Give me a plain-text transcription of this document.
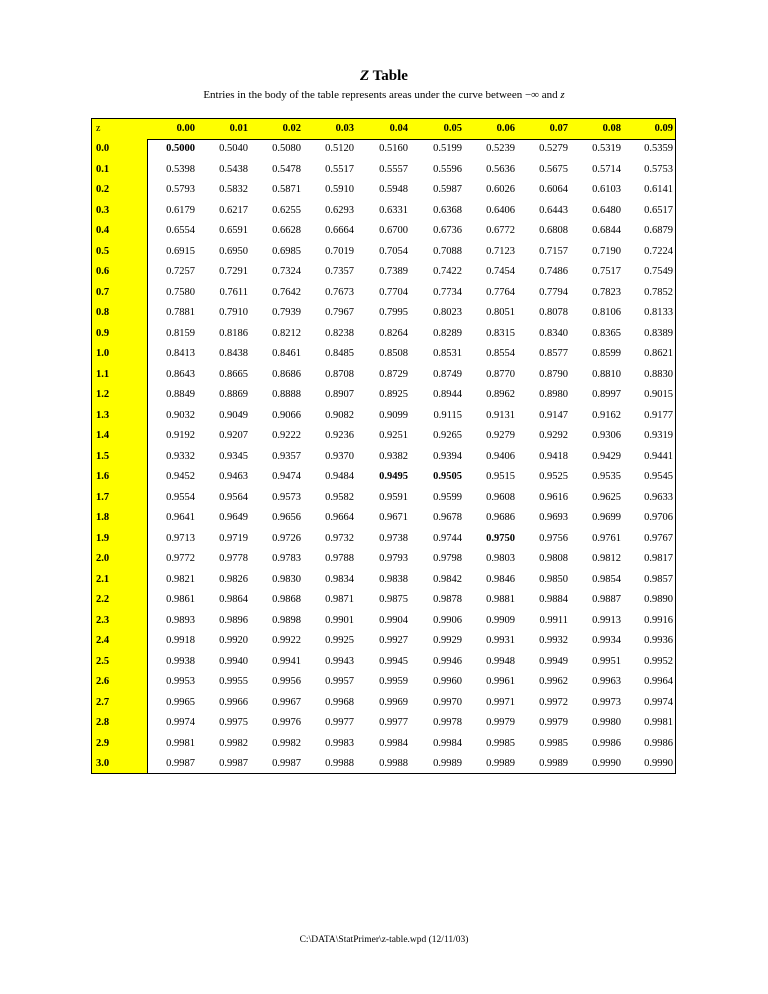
Z Table
Entries in the body of the table represents areas under the curve between −∞ and z
z	0.00	0.01	0.02	0.03	0.04	0.05	0.06	0.07	0.08	0.09
0.0	0.5000	0.5040	0.5080	0.5120	0.5160	0.5199	0.5239	0.5279	0.5319	0.5359
0.1	0.5398	0.5438	0.5478	0.5517	0.5557	0.5596	0.5636	0.5675	0.5714	0.5753
0.2	0.5793	0.5832	0.5871	0.5910	0.5948	0.5987	0.6026	0.6064	0.6103	0.6141
0.3	0.6179	0.6217	0.6255	0.6293	0.6331	0.6368	0.6406	0.6443	0.6480	0.6517
0.4	0.6554	0.6591	0.6628	0.6664	0.6700	0.6736	0.6772	0.6808	0.6844	0.6879
0.5	0.6915	0.6950	0.6985	0.7019	0.7054	0.7088	0.7123	0.7157	0.7190	0.7224
0.6	0.7257	0.7291	0.7324	0.7357	0.7389	0.7422	0.7454	0.7486	0.7517	0.7549
0.7	0.7580	0.7611	0.7642	0.7673	0.7704	0.7734	0.7764	0.7794	0.7823	0.7852
0.8	0.7881	0.7910	0.7939	0.7967	0.7995	0.8023	0.8051	0.8078	0.8106	0.8133
0.9	0.8159	0.8186	0.8212	0.8238	0.8264	0.8289	0.8315	0.8340	0.8365	0.8389
1.0	0.8413	0.8438	0.8461	0.8485	0.8508	0.8531	0.8554	0.8577	0.8599	0.8621
1.1	0.8643	0.8665	0.8686	0.8708	0.8729	0.8749	0.8770	0.8790	0.8810	0.8830
1.2	0.8849	0.8869	0.8888	0.8907	0.8925	0.8944	0.8962	0.8980	0.8997	0.9015
1.3	0.9032	0.9049	0.9066	0.9082	0.9099	0.9115	0.9131	0.9147	0.9162	0.9177
1.4	0.9192	0.9207	0.9222	0.9236	0.9251	0.9265	0.9279	0.9292	0.9306	0.9319
1.5	0.9332	0.9345	0.9357	0.9370	0.9382	0.9394	0.9406	0.9418	0.9429	0.9441
1.6	0.9452	0.9463	0.9474	0.9484	0.9495	0.9505	0.9515	0.9525	0.9535	0.9545
1.7	0.9554	0.9564	0.9573	0.9582	0.9591	0.9599	0.9608	0.9616	0.9625	0.9633
1.8	0.9641	0.9649	0.9656	0.9664	0.9671	0.9678	0.9686	0.9693	0.9699	0.9706
1.9	0.9713	0.9719	0.9726	0.9732	0.9738	0.9744	0.9750	0.9756	0.9761	0.9767
2.0	0.9772	0.9778	0.9783	0.9788	0.9793	0.9798	0.9803	0.9808	0.9812	0.9817
2.1	0.9821	0.9826	0.9830	0.9834	0.9838	0.9842	0.9846	0.9850	0.9854	0.9857
2.2	0.9861	0.9864	0.9868	0.9871	0.9875	0.9878	0.9881	0.9884	0.9887	0.9890
2.3	0.9893	0.9896	0.9898	0.9901	0.9904	0.9906	0.9909	0.9911	0.9913	0.9916
2.4	0.9918	0.9920	0.9922	0.9925	0.9927	0.9929	0.9931	0.9932	0.9934	0.9936
2.5	0.9938	0.9940	0.9941	0.9943	0.9945	0.9946	0.9948	0.9949	0.9951	0.9952
2.6	0.9953	0.9955	0.9956	0.9957	0.9959	0.9960	0.9961	0.9962	0.9963	0.9964
2.7	0.9965	0.9966	0.9967	0.9968	0.9969	0.9970	0.9971	0.9972	0.9973	0.9974
2.8	0.9974	0.9975	0.9976	0.9977	0.9977	0.9978	0.9979	0.9979	0.9980	0.9981
2.9	0.9981	0.9982	0.9982	0.9983	0.9984	0.9984	0.9985	0.9985	0.9986	0.9986
3.0	0.9987	0.9987	0.9987	0.9988	0.9988	0.9989	0.9989	0.9989	0.9990	0.9990
C:\DATA\StatPrimer\z-table.wpd (12/11/03)
